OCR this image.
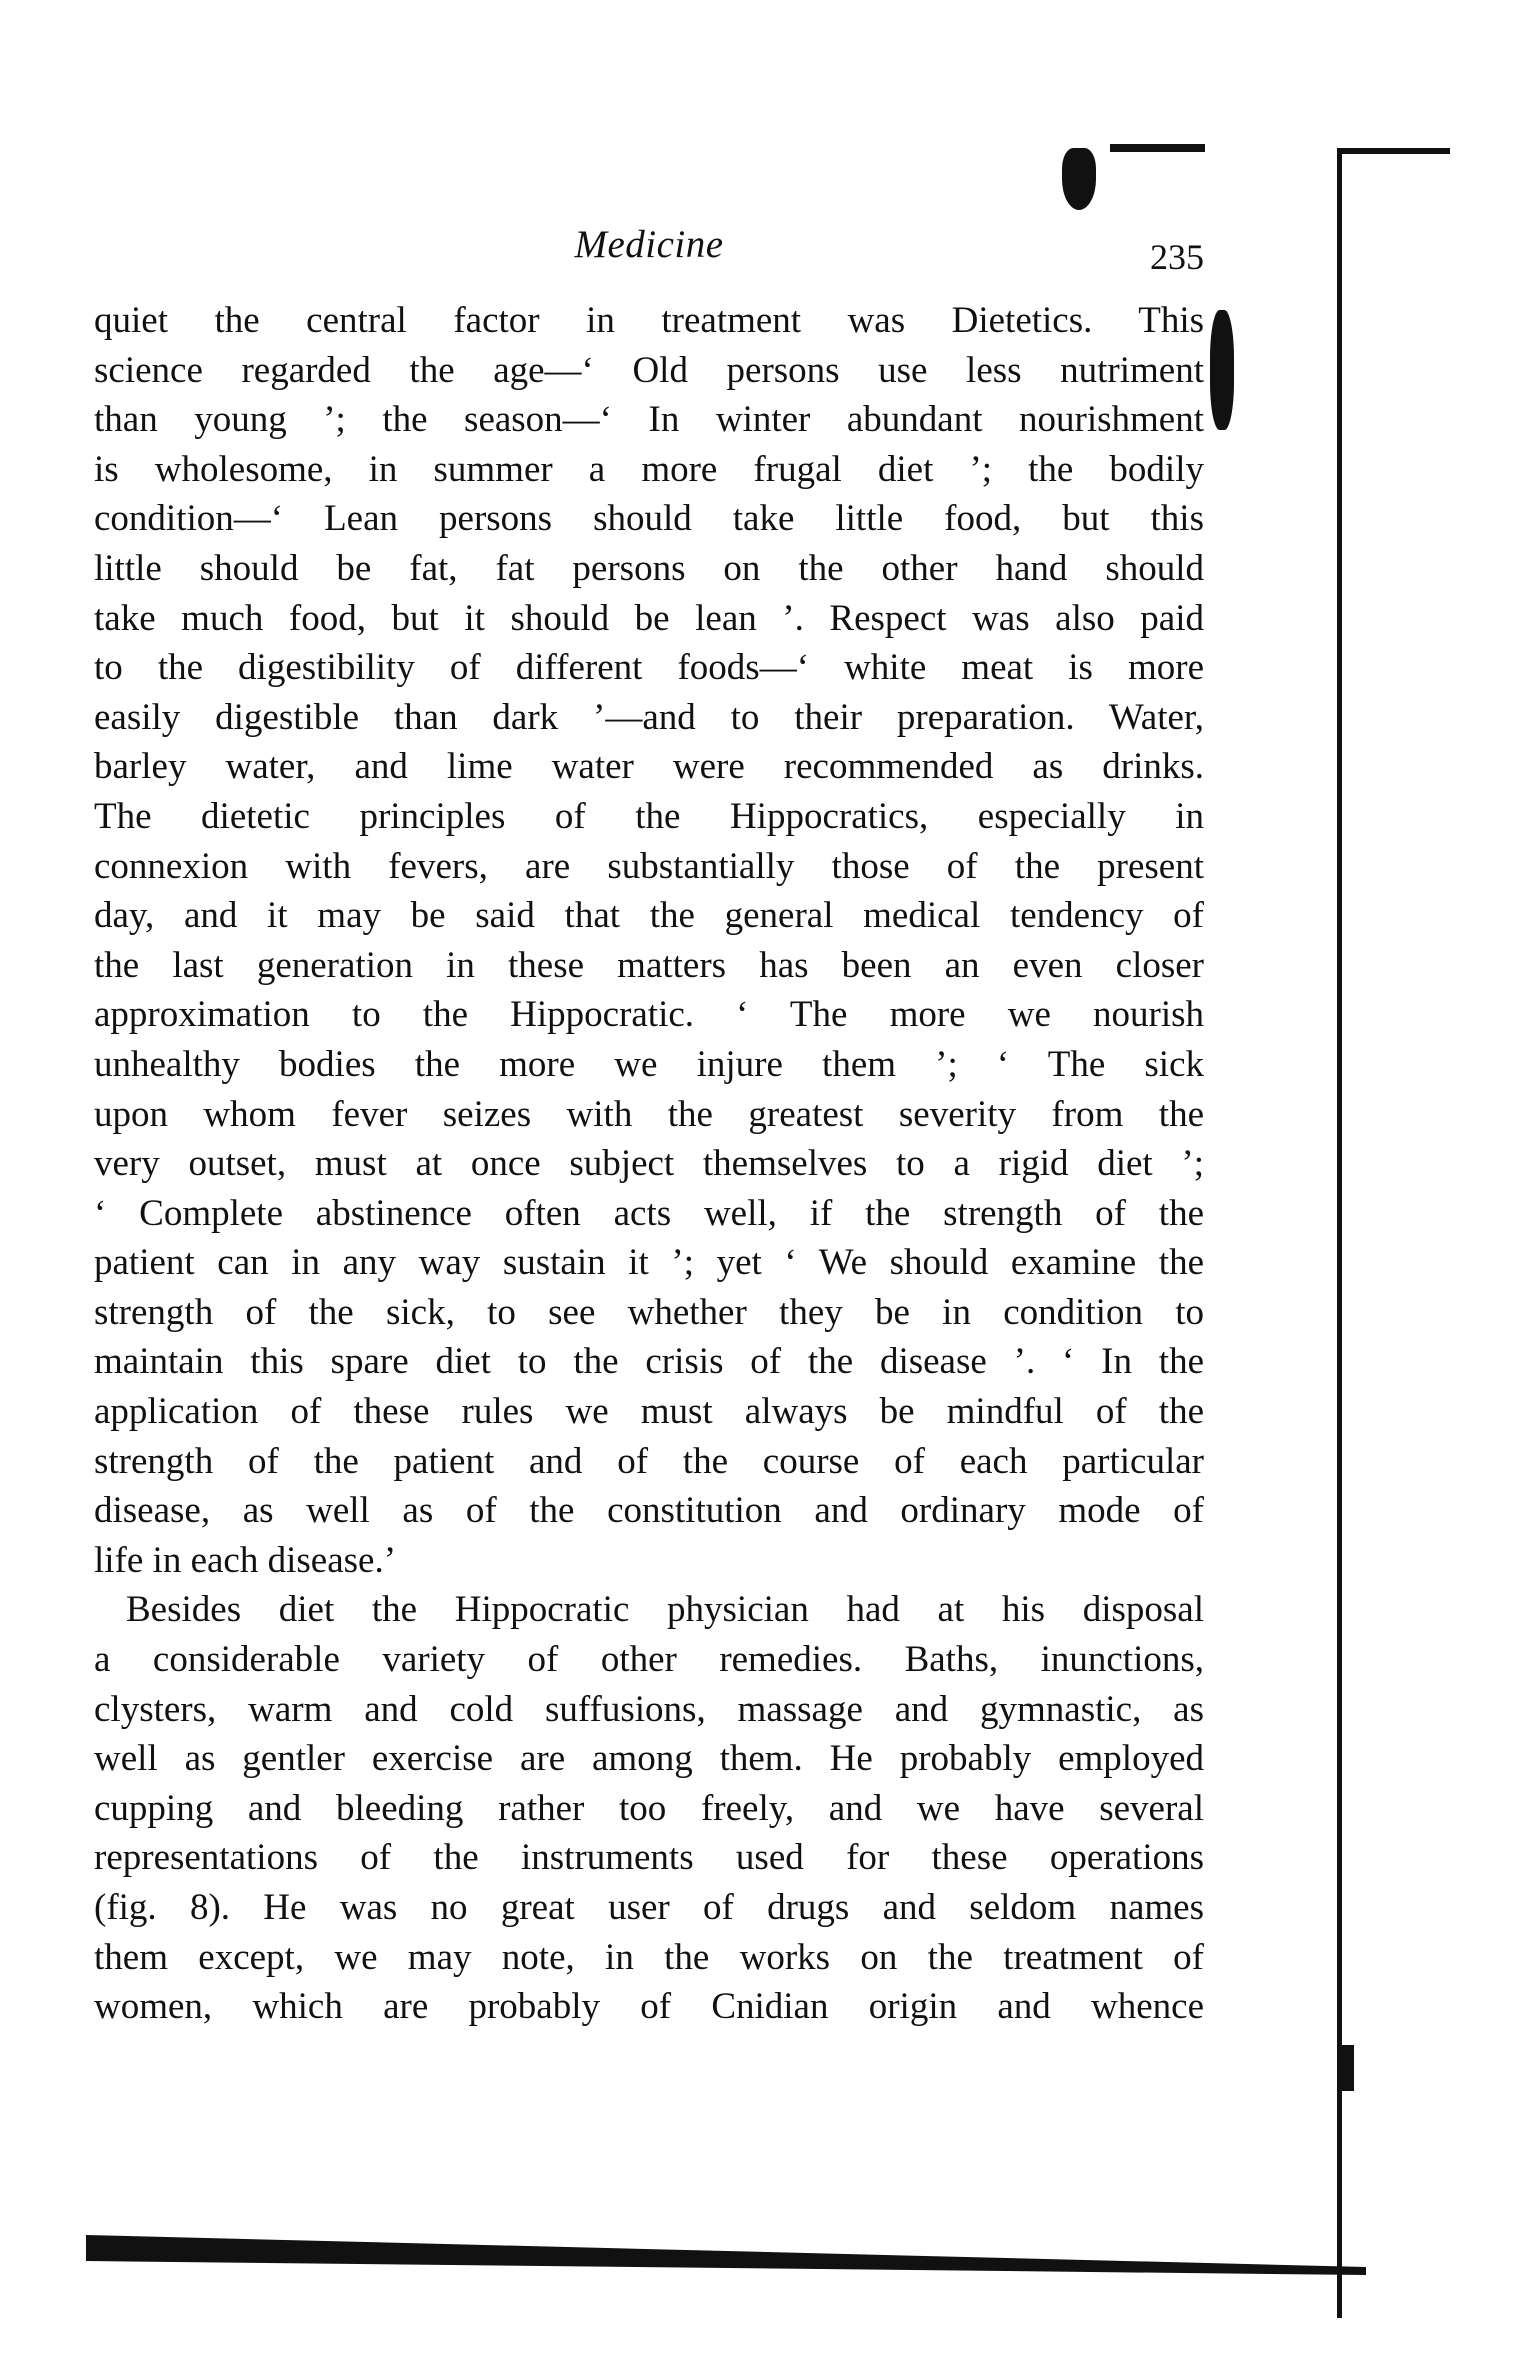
Medicine	235
quiet the central factor in treatment was Dietetics. This
science regarded the age—‘ Old persons use less nutriment
than young ’; the season—‘ In winter abundant nourishment
is wholesome, in summer a more frugal diet ’; the bodily
condition—‘ Lean persons should take little food, but this
little should be fat, fat persons on the other hand should
take much food, but it should be lean ’. Respect was also paid
to the digestibility of different foods—‘ white meat is more
easily digestible than dark ’—and to their preparation. Water,
barley water, and lime water were recommended as drinks.
The dietetic principles of the Hippocratics, especially in
connexion with fevers, are substantially those of the present
day, and it may be said that the general medical tendency of
the last generation in these matters has been an even closer
approximation to the Hippocratic. ‘ The more we nourish
unhealthy bodies the more we injure them ’; ‘ The sick
upon whom fever seizes with the greatest severity from the
very outset, must at once subject themselves to a rigid diet ’;
‘ Complete abstinence often acts well, if the strength of the
patient can in any way sustain it ’; yet ‘ We should examine the
strength of the sick, to see whether they be in condition to
maintain this spare diet to the crisis of the disease ’. ‘ In the
application of these rules we must always be mindful of the
strength of the patient and of the course of each particular
disease, as well as of the constitution and ordinary mode of
life in each disease.’
Besides diet the Hippocratic physician had at his disposal
a considerable variety of other remedies. Baths, inunctions,
clysters, warm and cold suffusions, massage and gymnastic, as
well as gentler exercise are among them. He probably employed
cupping and bleeding rather too freely, and we have several
representations of the instruments used for these operations
(fig. 8). He was no great user of drugs and seldom names
them except, we may note, in the works on the treatment of
women, which are probably of Cnidian origin and whence
